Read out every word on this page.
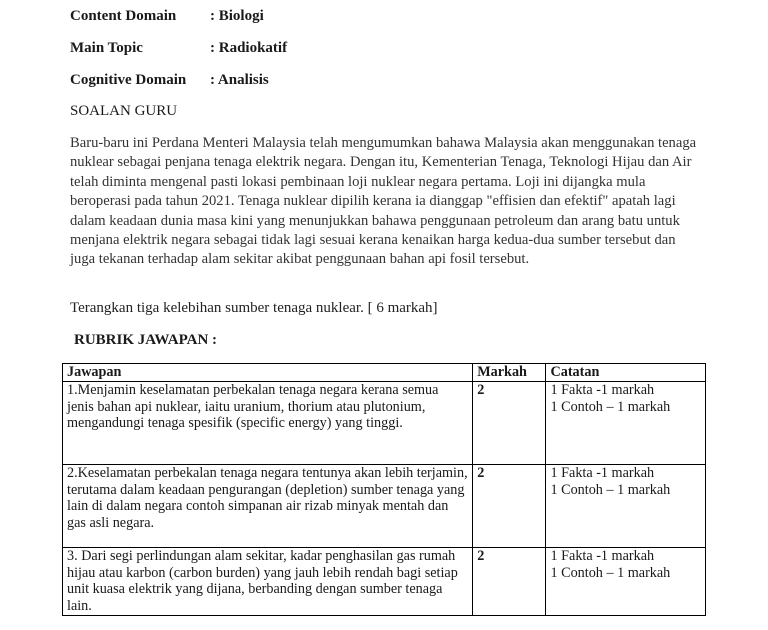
Content Domain : Biologi
Main Topic	: Radiokatif
Cognitive Domain : Analisis
SOALAN GURU
Baru-baru ini Perdana Menteri Malaysia telah mengumumkan bahawa Malaysia akan menggunakan tenaga nuklear sebagai penjana tenaga elektrik negara. Dengan itu, Kementerian Tenaga, Teknologi Hijau dan Air telah diminta mengenal pasti lokasi pembinaan loji nuklear negara pertama. Loji ini dijangka mula beroperasi pada tahun 2021. Tenaga nuklear dipilih kerana ia dianggap "effisien dan efektif" apatah lagi dalam keadaan dunia masa kini yang menunjukkan bahawa penggunaan petroleum dan arang batu untuk menjana elektrik negara sebagai tidak lagi sesuai kerana kenaikan harga kedua-dua sumber tersebut dan juga tekanan terhadap alam sekitar akibat penggunaan bahan api fosil tersebut.
Terangkan tiga kelebihan sumber tenaga nuklear. [ 6 markah]
RUBRIK JAWAPAN :
Jawapan	Markah	Catatan
1.Menjamin keselamatan perbekalan tenaga negara kerana semua jenis bahan api nuklear, iaitu uranium, thorium atau plutonium, mengandungi tenaga spesifik (specific energy) yang tinggi.	2	1 Fakta -1 markah
1 Contoh – 1 markah

2.Keselamatan perbekalan tenaga negara tentunya akan lebih terjamin, terutama dalam keadaan pengurangan (depletion) sumber tenaga yang lain di dalam negara contoh simpanan air rizab minyak mentah dan gas asli negara.	2	1 Fakta -1 markah
1 Contoh – 1 markah

3. Dari segi perlindungan alam sekitar, kadar penghasilan gas rumah hijau atau karbon (carbon burden) yang jauh lebih rendah bagi setiap unit kuasa elektrik yang dijana, berbanding dengan sumber tenaga lain.	2	1 Fakta -1 markah
1 Contoh – 1 markah
